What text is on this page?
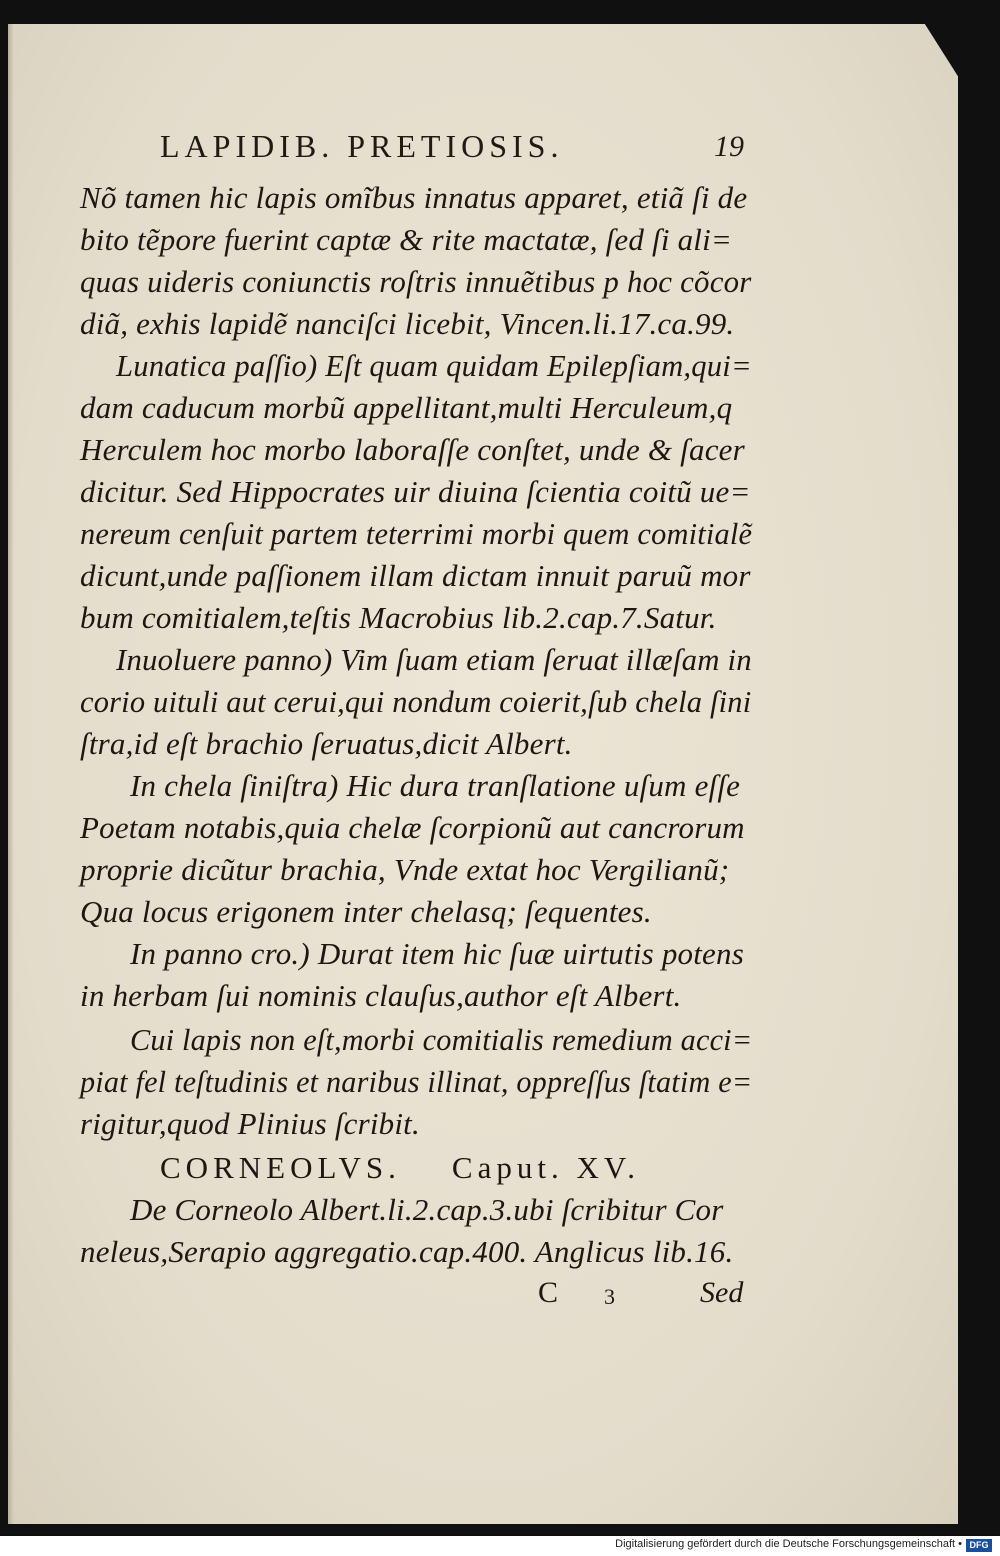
LAPIDIB. PRETIOSIS.	19
Nõ tamen hic lapis omĩbus innatus apparet, etiã ſi de
bito tẽpore fuerint captæ & rite mactatæ, ſed ſi ali=
quas uideris coniunctis roſtris innuẽtibus p hoc cõcor
diã, exhis lapidẽ nanciſci licebit, Vincen.li.17.ca.99.
Lunatica paſſio) Eſt quam quidam Epilepſiam,qui=
dam caducum morbũ appellitant,multi Herculeum,q
Herculem hoc morbo laboraſſe conſtet, unde & ſacer
dicitur. Sed Hippocrates uir diuina ſcientia coitũ ue=
nereum cenſuit partem teterrimi morbi quem comitialẽ
dicunt,unde paſſionem illam dictam innuit paruũ mor
bum comitialem,teſtis Macrobius lib.2.cap.7.Satur.
Inuoluere panno) Vim ſuam etiam ſeruat illæſam in
corio uituli aut cerui,qui nondum coierit,ſub chela ſini
ſtra,id eſt brachio ſeruatus,dicit Albert.
In chela ſiniſtra) Hic dura tranſlatione uſum eſſe
Poetam notabis,quia chelæ ſcorpionũ aut cancrorum
proprie dicũtur brachia, Vnde extat hoc Vergilianũ;
Qua locus erigonem inter chelasq; ſequentes.
In panno cro.) Durat item hic ſuæ uirtutis potens
in herbam ſui nominis clauſus,author eſt Albert.
Cui lapis non eſt,morbi comitialis remedium acci=
piat fel teſtudinis et naribus illinat, oppreſſus ſtatim e=
rigitur,quod Plinius ſcribit.
CORNEOLVS.    Caput. XV.
De Corneolo Albert.li.2.cap.3.ubi ſcribitur Cor
neleus,Serapio aggregatio.cap.400. Anglicus lib.16.
C 3	Sed
Digitalisierung gefördert durch die Deutsche Forschungsgemeinschaft • DFG
